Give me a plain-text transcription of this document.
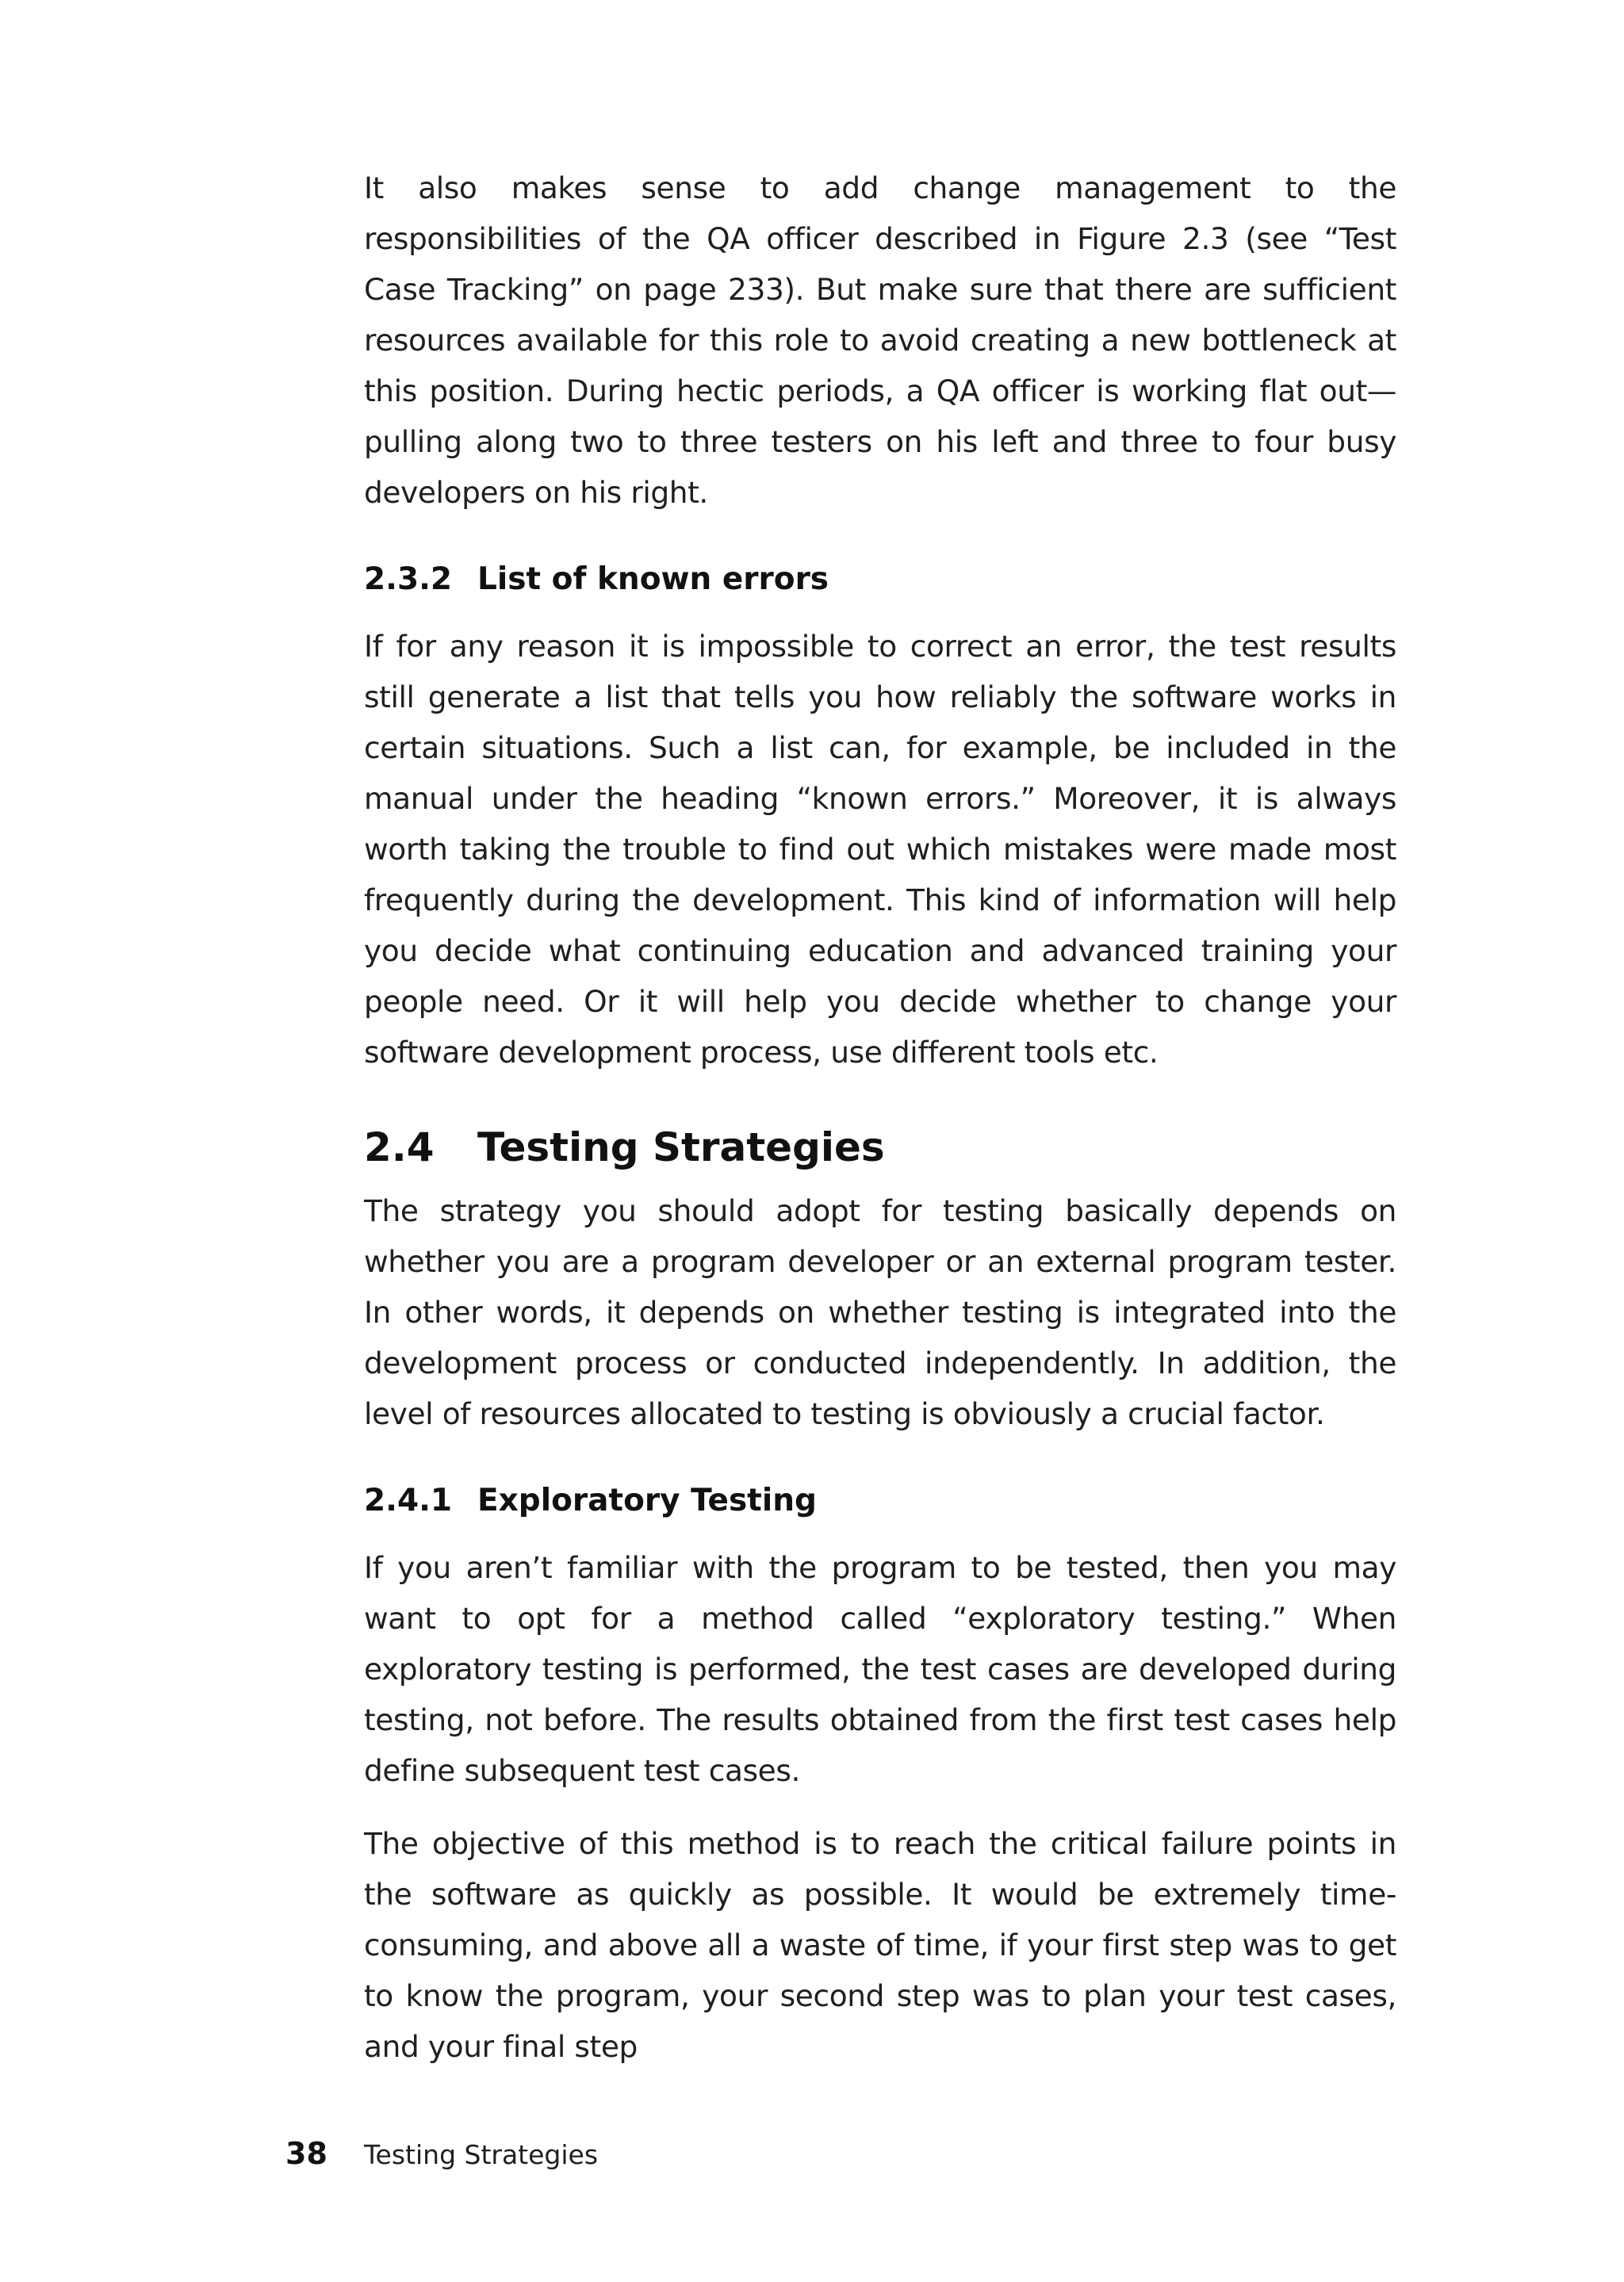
It also makes sense to add change management to the responsibilities of the QA officer described in Figure 2.3 (see “Test Case Tracking” on page 233). But make sure that there are sufficient resources available for this role to avoid creating a new bottleneck at this position. During hectic periods, a QA officer is working flat out—pulling along two to three testers on his left and three to four busy developers on his right.

2.3.2 List of known errors

If for any reason it is impossible to correct an error, the test results still generate a list that tells you how reliably the software works in certain situations. Such a list can, for example, be included in the manual under the heading “known errors.” Moreover, it is always worth taking the trouble to find out which mistakes were made most frequently during the development. This kind of information will help you decide what continuing education and advanced training your people need. Or it will help you decide whether to change your software development process, use different tools etc.

2.4 Testing Strategies

The strategy you should adopt for testing basically depends on whether you are a program developer or an external program tester. In other words, it depends on whether testing is integrated into the development process or conducted independently. In addition, the level of resources allocated to testing is obviously a crucial factor.

2.4.1 Exploratory Testing

If you aren’t familiar with the program to be tested, then you may want to opt for a method called “exploratory testing.” When exploratory testing is performed, the test cases are developed during testing, not before. The results obtained from the first test cases help define subsequent test cases.

The objective of this method is to reach the critical failure points in the software as quickly as possible. It would be extremely time-consuming, and above all a waste of time, if your first step was to get to know the program, your second step was to plan your test cases, and your final step

38	Testing Strategies
